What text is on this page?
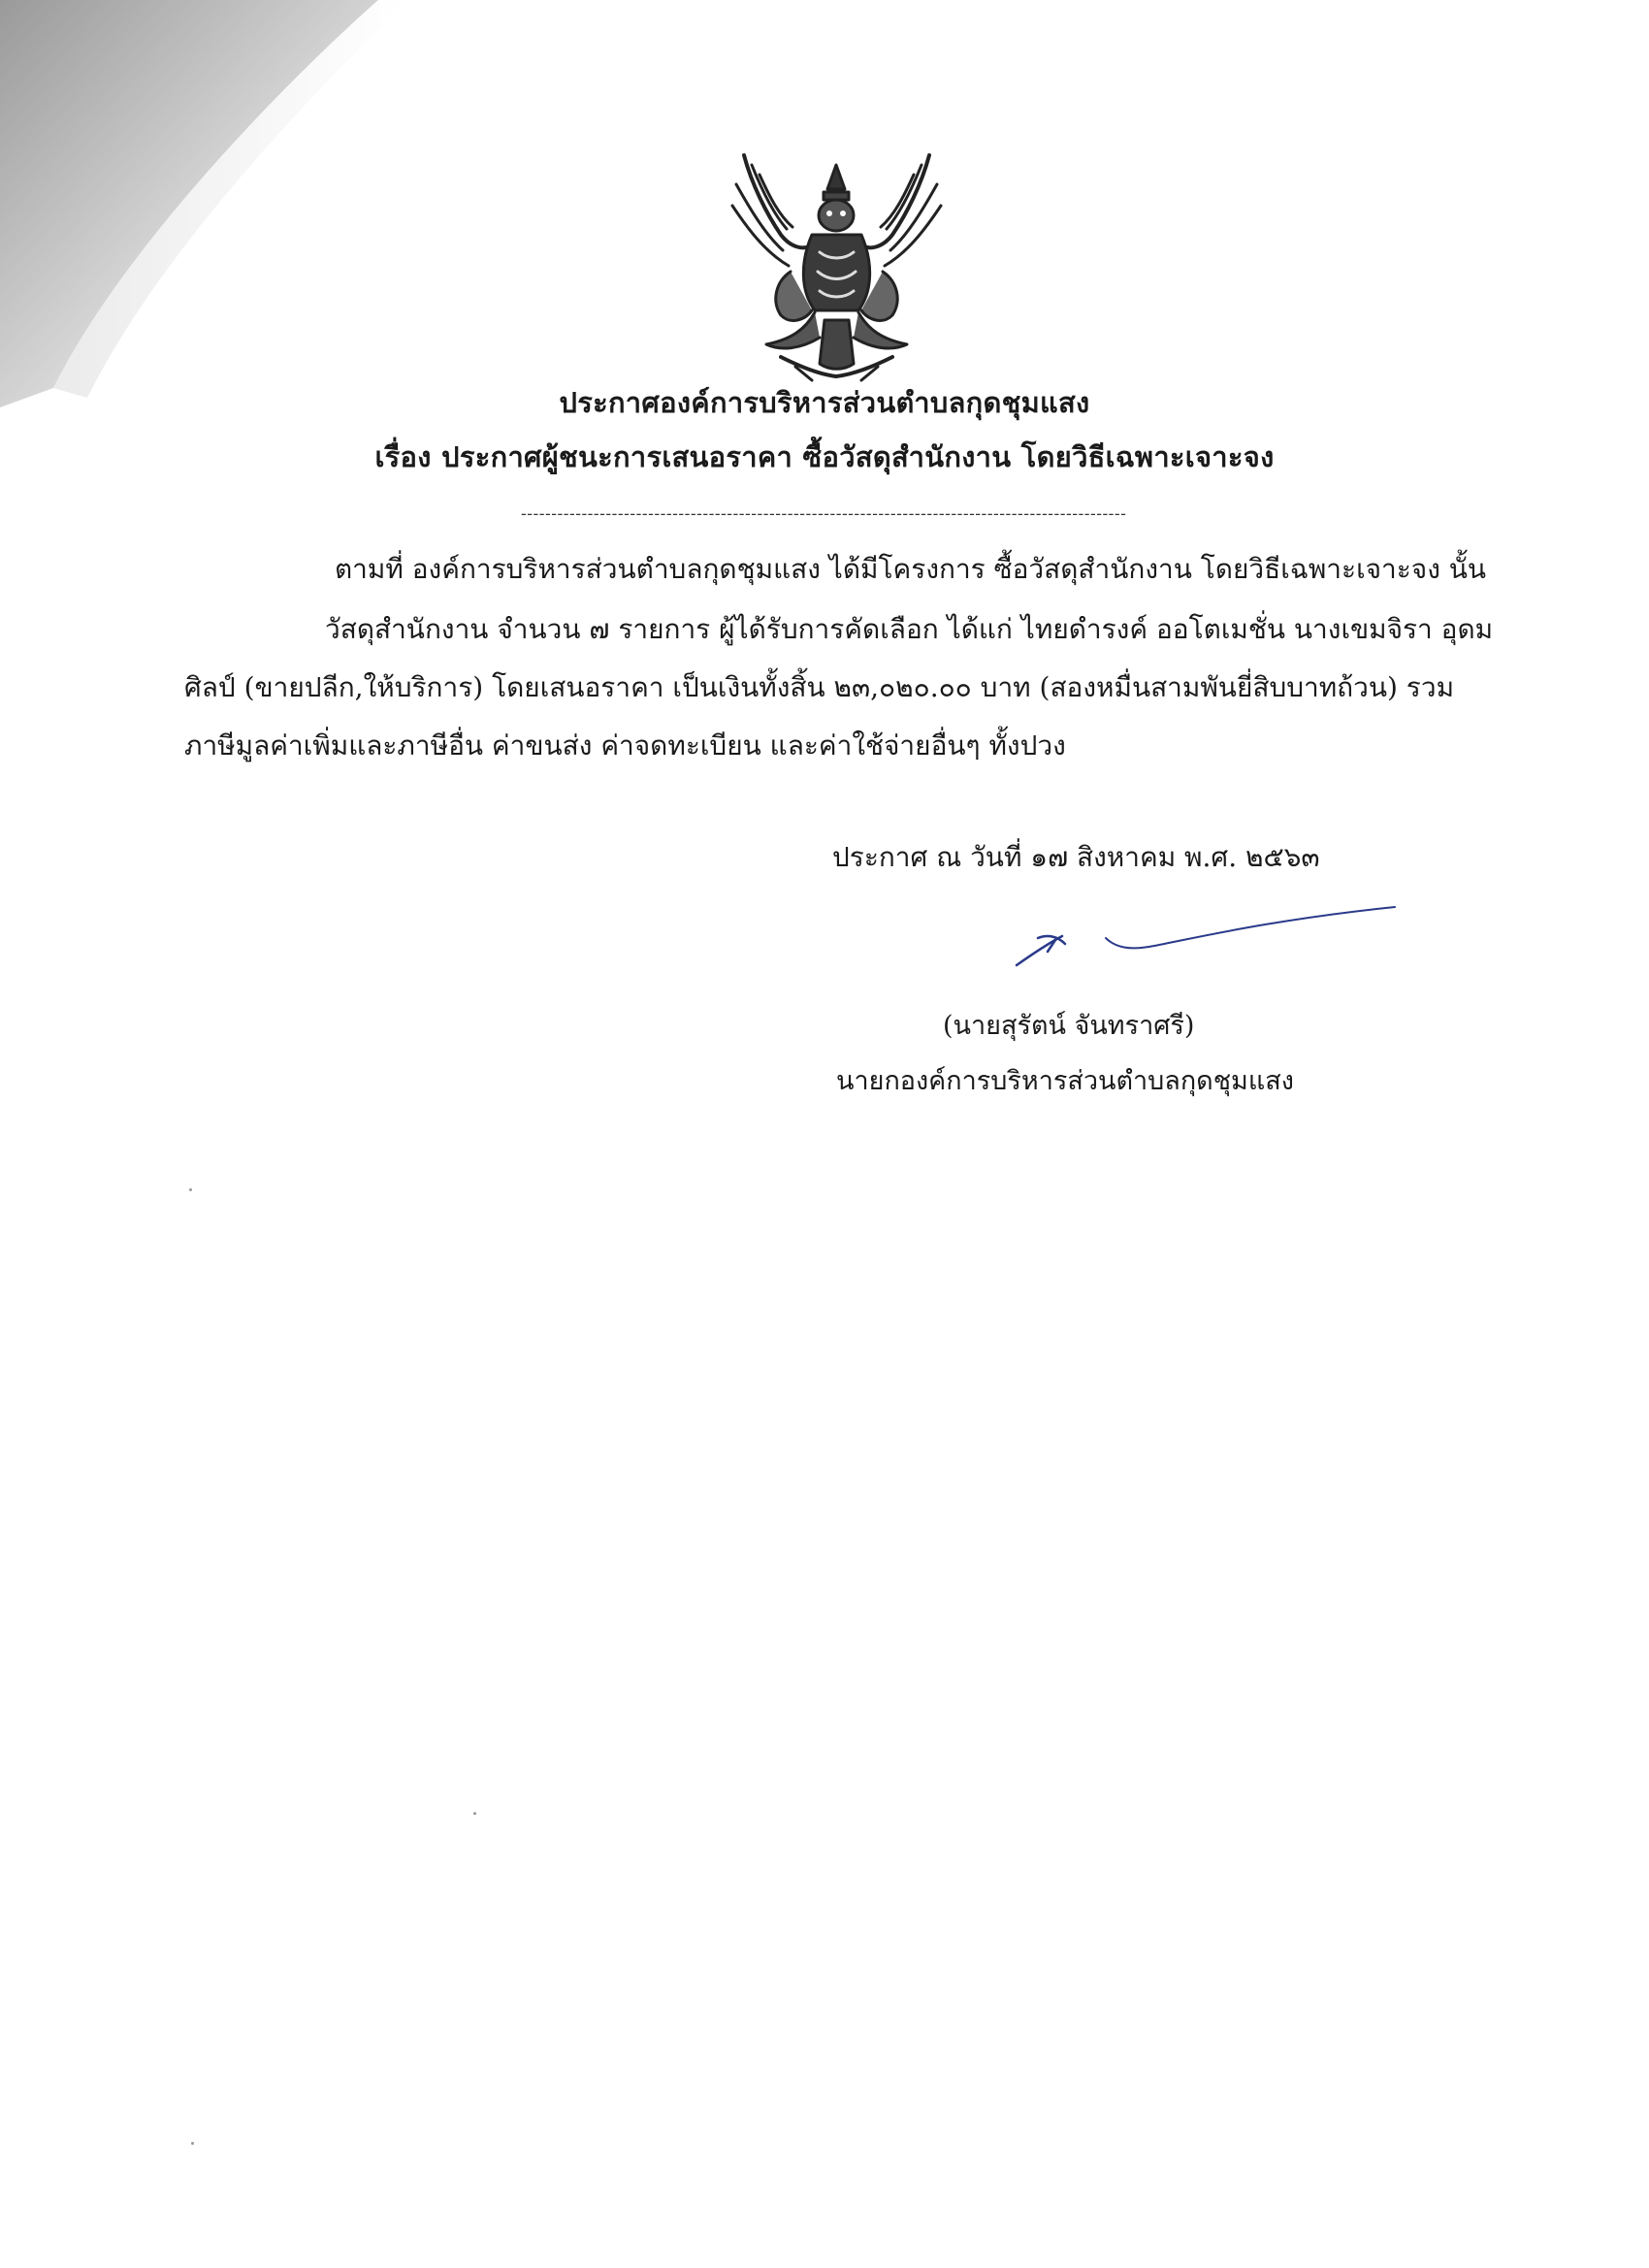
ประกาศองค์การบริหารส่วนตำบลกุดชุมแสง
เรื่อง ประกาศผู้ชนะการเสนอราคา ซื้อวัสดุสำนักงาน โดยวิธีเฉพาะเจาะจง
----------------------------------------------------------------------------------------------------
ตามที่ องค์การบริหารส่วนตำบลกุดชุมแสง ได้มีโครงการ ซื้อวัสดุสำนักงาน โดยวิธีเฉพาะเจาะจง นั้น
วัสดุสำนักงาน จำนวน ๗ รายการ ผู้ได้รับการคัดเลือก ได้แก่ ไทยดำรงค์ ออโตเมชั่น นางเขมจิรา อุดม
ศิลป์ (ขายปลีก,ให้บริการ) โดยเสนอราคา เป็นเงินทั้งสิ้น ๒๓,๐๒๐.๐๐ บาท (สองหมื่นสามพันยี่สิบบาทถ้วน) รวม
ภาษีมูลค่าเพิ่มและภาษีอื่น ค่าขนส่ง ค่าจดทะเบียน และค่าใช้จ่ายอื่นๆ ทั้งปวง
ประกาศ ณ วันที่ ๑๗ สิงหาคม พ.ศ. ๒๕๖๓
(นายสุรัตน์ จันทราศรี)
นายกองค์การบริหารส่วนตำบลกุดชุมแสง
